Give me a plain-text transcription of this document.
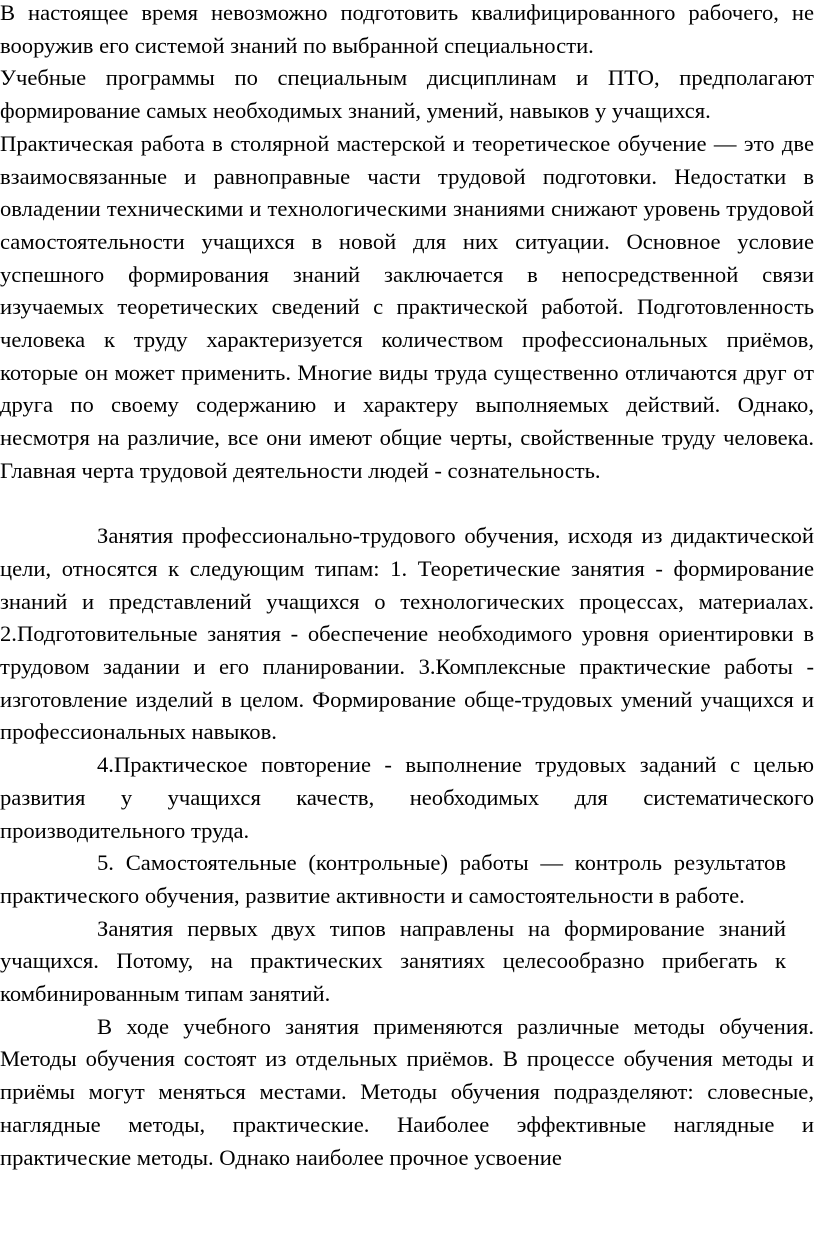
В настоящее время невозможно подготовить квалифицированного рабочего, не вооружив его системой знаний по выбранной специальности.

Учебные программы по специальным дисциплинам и ПТО, предполагают формирование самых необходимых знаний, умений, навыков у учащихся.

Практическая работа в столярной мастерской и теоретическое обучение — это две взаимосвязанные и равноправные части трудовой подготовки. Недостатки в овладении техническими и технологическими знаниями снижают уровень трудовой самостоятельности учащихся в новой для них ситуации. Основное условие успешного формирования знаний заключается в непосредственной связи изучаемых теоретических сведений с практической работой. Подготовленность человека к труду характеризуется количеством профессиональных приёмов, которые он может применить. Многие виды труда существенно отличаются друг от друга по своему содержанию и характеру выполняемых действий. Однако, несмотря на различие, все они имеют общие черты, свойственные труду человека. Главная черта трудовой деятельности людей - сознательность.

Занятия профессионально-трудового обучения, исходя из дидактической цели, относятся к следующим типам: 1. Теоретические занятия - формирование знаний и представлений учащихся о технологических процессах, материалах. 2.Подготовительные занятия - обеспечение необходимого уровня ориентировки в трудовом задании и его планировании. 3.Комплексные практические работы - изготовление изделий в целом. Формирование обще-трудовых умений учащихся и профессиональных навыков.

4.Практическое повторение - выполнение трудовых заданий с целью развития у учащихся качеств, необходимых для систематического производительного труда.

5. Самостоятельные (контрольные) работы — контроль результатов практического обучения, развитие активности и самостоятельности в работе.

Занятия первых двух типов направлены на формирование знаний учащихся. Потому, на практических занятиях целесообразно прибегать к комбинированным типам занятий.

В ходе учебного занятия применяются различные методы обучения. Методы обучения состоят из отдельных приёмов. В процессе обучения методы и приёмы могут меняться местами. Методы обучения подразделяют: словесные, наглядные методы, практические. Наиболее эффективные наглядные и практические методы. Однако наиболее прочное усвоение
